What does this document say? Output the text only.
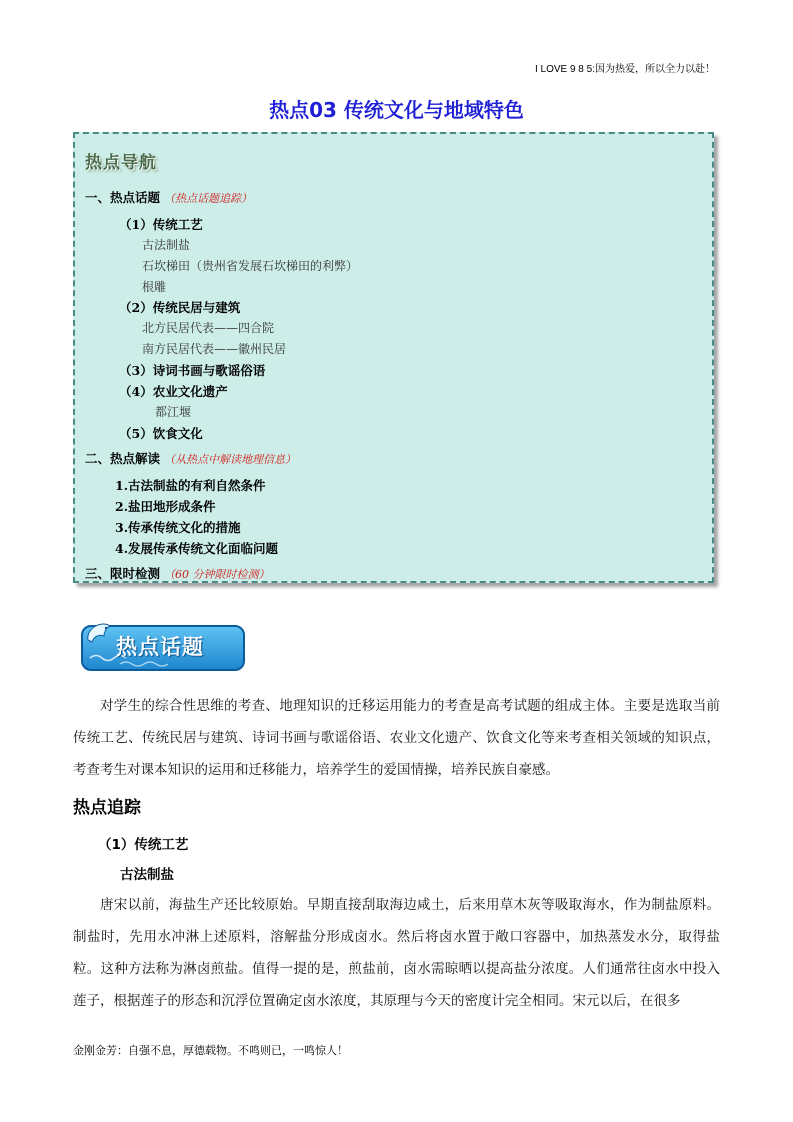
I LOVE 9 8 5:因为热爱，所以全力以赴！
热点03 传统文化与地域特色
热点导航
一、热点话题 （热点话题追踪）
（1）传统工艺
古法制盐
石坎梯田（贵州省发展石坎梯田的利弊）
根雕
（2）传统民居与建筑
北方民居代表——四合院
南方民居代表——徽州民居
（3）诗词书画与歌谣俗语
（4）农业文化遗产
都江堰
（5）饮食文化
二、热点解读 （从热点中解读地理信息）
1.古法制盐的有利自然条件
2.盐田地形成条件
3.传承传统文化的措施
4.发展传承传统文化面临问题
三、限时检测 （60 分钟限时检测）
热点话题
对学生的综合性思维的考查、地理知识的迁移运用能力的考查是高考试题的组成主体。主要是选取当前传统工艺、传统民居与建筑、诗词书画与歌谣俗语、农业文化遗产、饮食文化等来考查相关领域的知识点，考查考生对课本知识的运用和迁移能力，培养学生的爱国情操，培养民族自豪感。
热点追踪
（1）传统工艺
古法制盐
唐宋以前，海盐生产还比较原始。早期直接刮取海边咸土，后来用草木灰等吸取海水，作为制盐原料。制盐时，先用水冲淋上述原料，溶解盐分形成卤水。然后将卤水置于敞口容器中，加热蒸发水分，取得盐粒。这种方法称为淋卤煎盐。值得一提的是，煎盐前，卤水需晾晒以提高盐分浓度。人们通常往卤水中投入莲子，根据莲子的形态和沉浮位置确定卤水浓度，其原理与今天的密度计完全相同。宋元以后，在很多
金刚金芳：自强不息，厚德载物。不鸣则已，一鸣惊人！
